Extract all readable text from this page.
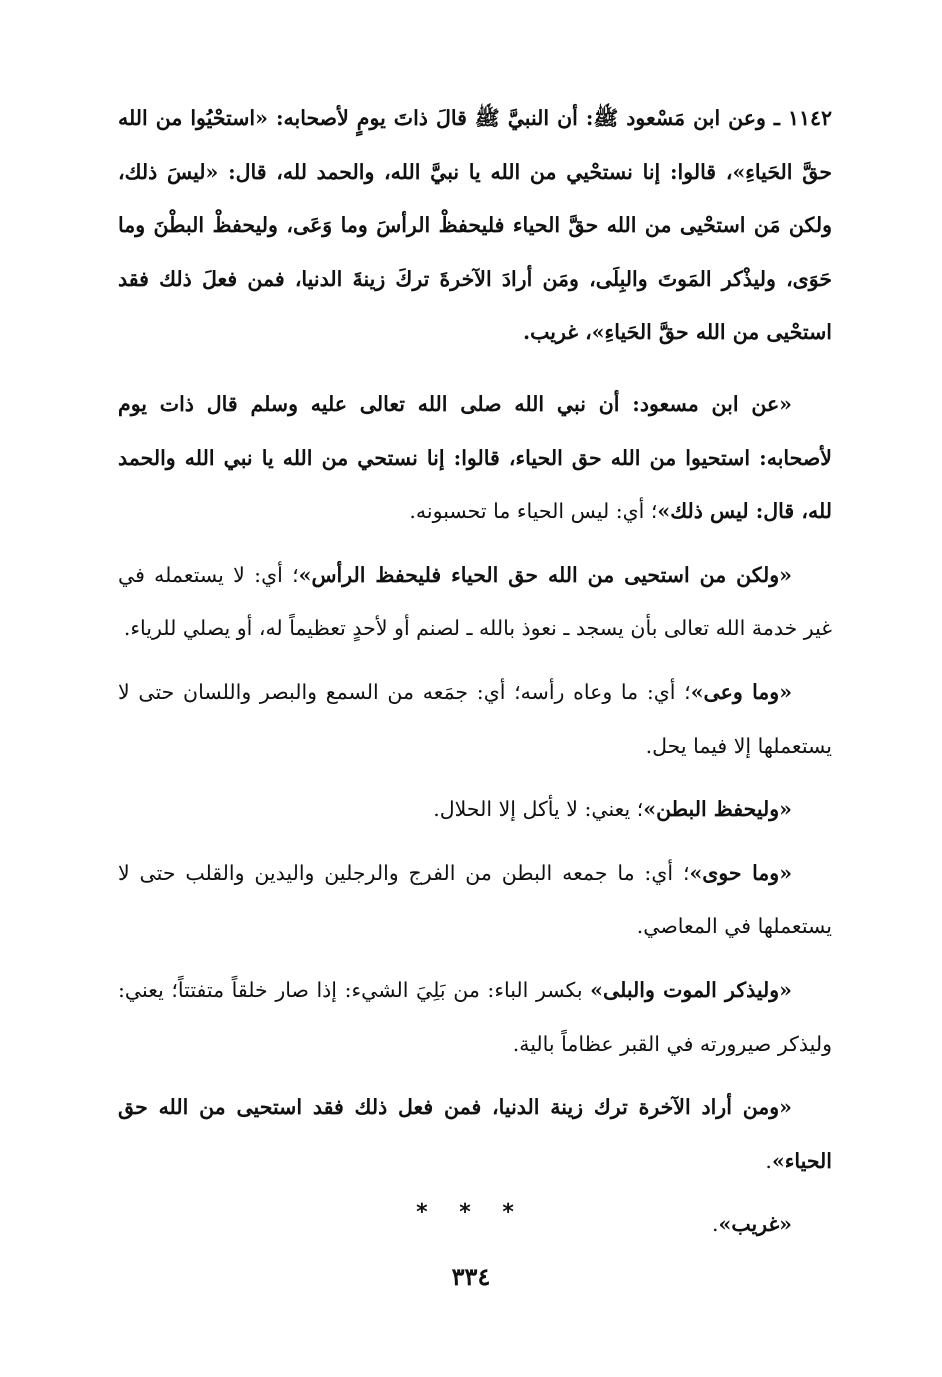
١١٤٢ ـ وعن ابن مَسْعود ﷺ: أن النبيَّ ﷺ قالَ ذاتَ يومٍ لأصحابه: «استحْيُوا من الله حقَّ الحَياءِ»، قالوا: إنا نستحْيي من الله يا نبيَّ الله، والحمد لله، قال: «ليسَ ذلك، ولكن مَن استحْيى من الله حقَّ الحياء فليحفظْ الرأسَ وما وَعَى، وليحفظْ البطْنَ وما حَوَى، وليذْكر المَوتَ والبِلَى، ومَن أرادَ الآخرةَ تركَ زينةَ الدنيا، فمن فعلَ ذلك فقد استحْيى من الله حقَّ الحَياءِ»، غريب.

«عن ابن مسعود: أن نبي الله صلى الله تعالى عليه وسلم قال ذات يوم لأصحابه: استحيوا من الله حق الحياء، قالوا: إنا نستحي من الله يا نبي الله والحمد لله، قال: ليس ذلك»؛ أي: ليس الحياء ما تحسبونه.

«ولكن من استحيى من الله حق الحياء فليحفظ الرأس»؛ أي: لا يستعمله في غير خدمة الله تعالى بأن يسجد ـ نعوذ بالله ـ لصنم أو لأحدٍ تعظيماً له، أو يصلي للرياء.

«وما وعى»؛ أي: ما وعاه رأسه؛ أي: جمَعه من السمع والبصر واللسان حتى لا يستعملها إلا فيما يحل.

«وليحفظ البطن»؛ يعني: لا يأكل إلا الحلال.

«وما حوى»؛ أي: ما جمعه البطن من الفرج والرجلين واليدين والقلب حتى لا يستعملها في المعاصي.

«وليذكر الموت والبلى» بكسر الباء: من بَلِيَ الشيء: إذا صار خلقاً متفتتاً؛ يعني: وليذكر صيرورته في القبر عظاماً بالية.

«ومن أراد الآخرة ترك زينة الدنيا، فمن فعل ذلك فقد استحيى من الله حق الحياء».

«غريب».

* * *
٣٣٤
